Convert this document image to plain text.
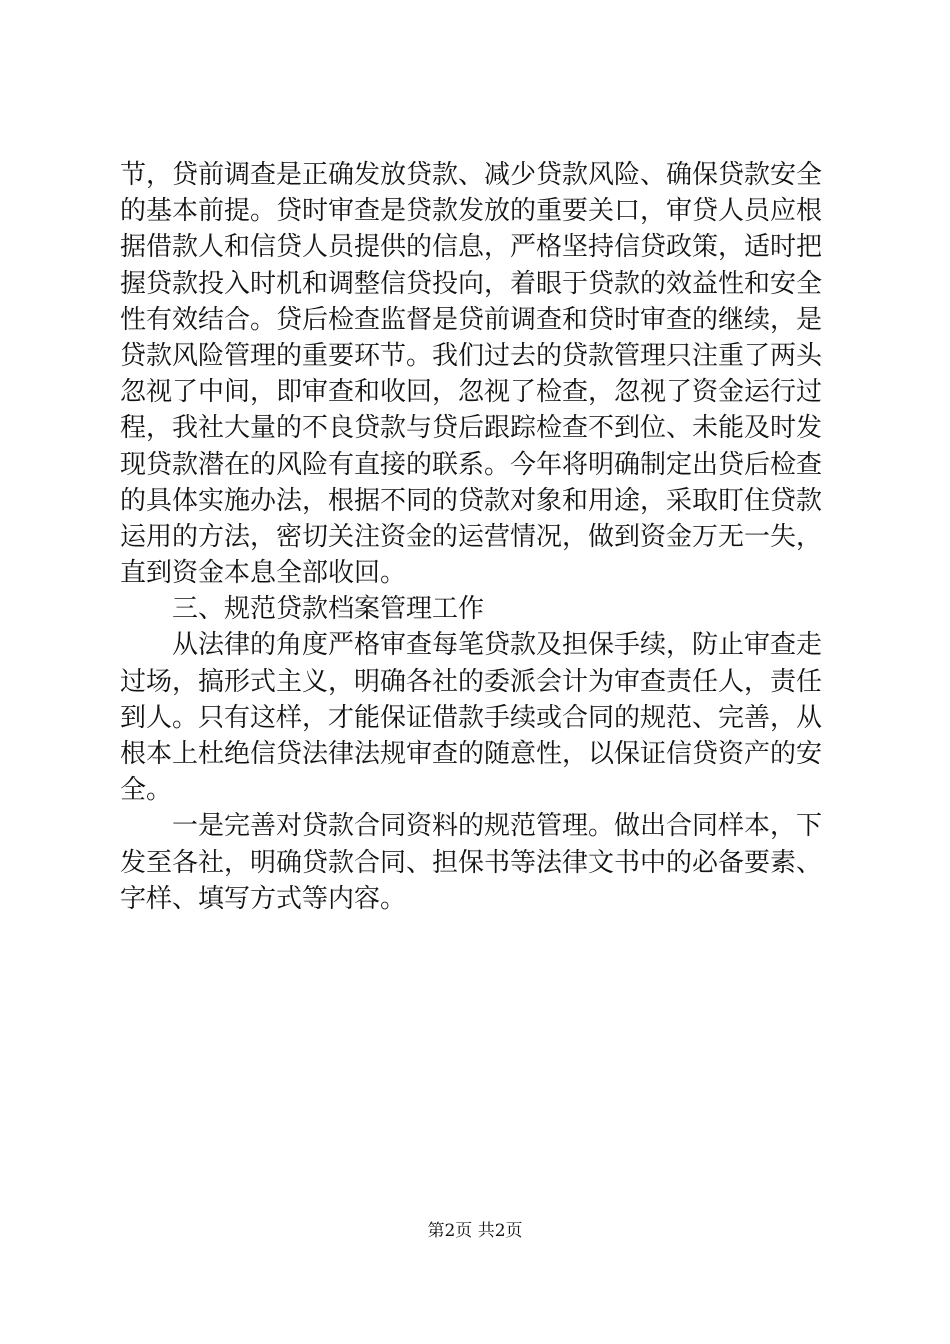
节，贷前调查是正确发放贷款、减少贷款风险、确保贷款安全
的基本前提。贷时审查是贷款发放的重要关口，审贷人员应根
据借款人和信贷人员提供的信息，严格坚持信贷政策，适时把
握贷款投入时机和调整信贷投向，着眼于贷款的效益性和安全
性有效结合。贷后检查监督是贷前调查和贷时审查的继续，是
贷款风险管理的重要环节。我们过去的贷款管理只注重了两头
忽视了中间，即审查和收回，忽视了检查，忽视了资金运行过
程，我社大量的不良贷款与贷后跟踪检查不到位、未能及时发
现贷款潜在的风险有直接的联系。今年将明确制定出贷后检查
的具体实施办法，根据不同的贷款对象和用途，采取盯住贷款
运用的方法，密切关注资金的运营情况，做到资金万无一失，
直到资金本息全部收回。
　　三、规范贷款档案管理工作
　　从法律的角度严格审查每笔贷款及担保手续，防止审查走
过场，搞形式主义，明确各社的委派会计为审查责任人，责任
到人。只有这样，才能保证借款手续或合同的规范、完善，从
根本上杜绝信贷法律法规审查的随意性，以保证信贷资产的安
全。
　　一是完善对贷款合同资料的规范管理。做出合同样本，下
发至各社，明确贷款合同、担保书等法律文书中的必备要素、
字样、填写方式等内容。
第2页 共2页
